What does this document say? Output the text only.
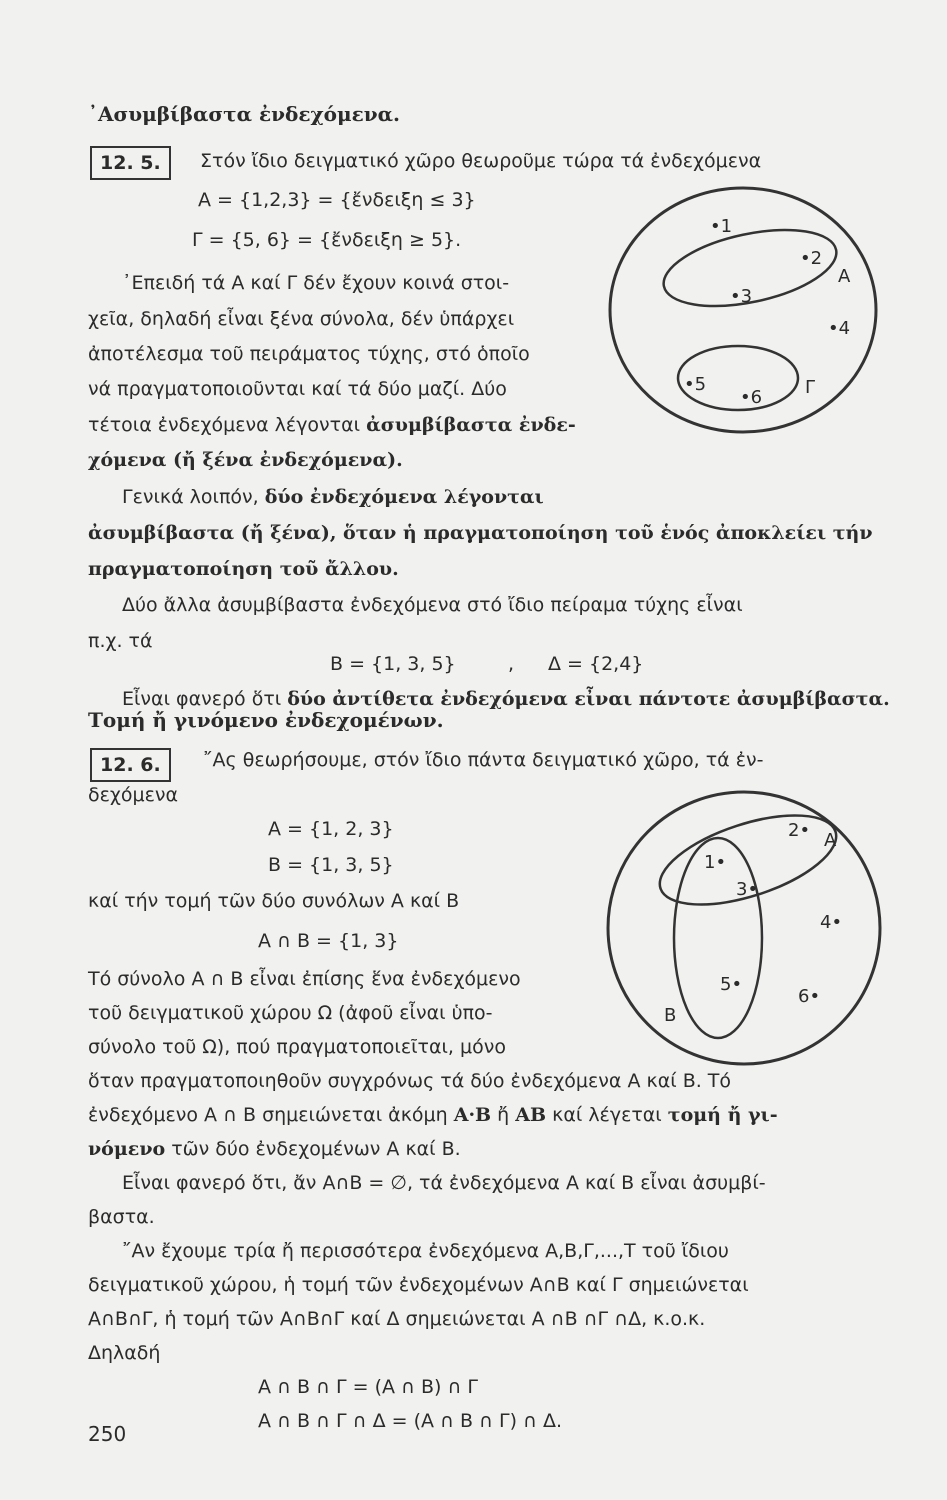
᾽Ασυμβίβαστα ἐνδεχόμενα.
12. 5.	Στόν ἴδιο δειγματικό χῶρο θεωροῦμε τώρα τά ἐνδεχόμενα
Α = {1,2,3} = {ἔνδειξη ≤ 3}
Γ = {5, 6} = {ἔνδειξη ≥ 5}.
᾽Επειδή τά Α καί Γ δέν ἔχουν κοινά στοι-
χεῖα, δηλαδή εἶναι ξένα σύνολα, δέν ὑπάρχει
ἀποτέλεσμα τοῦ πειράματος τύχης, στό ὁποῖο
νά πραγματοποιοῦνται καί τά δύο μαζί. Δύο
τέτοια ἐνδεχόμενα λέγονται ἀσυμβίβαστα ἐνδε-
χόμενα (ἤ ξένα ἐνδεχόμενα).
Γενικά λοιπόν, δύο ἐνδεχόμενα λέγονται
ἀσυμβίβαστα (ἤ ξένα), ὅταν ἡ πραγματοποίηση τοῦ ἑνός ἀποκλείει τήν
πραγματοποίηση τοῦ ἄλλου.
Δύο ἄλλα ἀσυμβίβαστα ἐνδεχόμενα στό ἴδιο πείραμα τύχης εἶναι
π.χ. τά
Β = {1, 3, 5}	, Δ = {2,4}
Εἶναι φανερό ὅτι δύο ἀντίθετα ἐνδεχόμενα εἶναι πάντοτε ἀσυμβίβαστα.
•1
•2
•3
•4
•5
•6
Α
Γ
Τομή ἤ γινόμενο ἐνδεχομένων.
12. 6.	῎Ας θεωρήσουμε, στόν ἴδιο πάντα δειγματικό χῶρο, τά ἐν-
δεχόμενα
Α = {1, 2, 3}
Β = {1, 3, 5}
καί τήν τομή τῶν δύο συνόλων Α καί Β
Α ∩ Β = {1, 3}
Τό σύνολο Α ∩ Β εἶναι ἐπίσης ἕνα ἐνδεχόμενο
τοῦ δειγματικοῦ χώρου Ω (ἀφοῦ εἶναι ὑπο-
σύνολο τοῦ Ω), πού πραγματοποιεῖται, μόνο
ὅταν πραγματοποιηθοῦν συγχρόνως τά δύο ἐνδεχόμενα Α καί Β. Τό
ἐνδεχόμενο Α ∩ Β σημειώνεται ἀκόμη Α·Β ἤ ΑΒ καί λέγεται τομή ἤ γι-
νόμενο τῶν δύο ἐνδεχομένων Α καί Β.
Εἶναι φανερό ὅτι, ἄν Α∩Β = ∅, τά ἐνδεχόμενα Α καί Β εἶναι ἀσυμβί-
βαστα.
῎Αν ἔχουμε τρία ἤ περισσότερα ἐνδεχόμενα Α,Β,Γ,...,Τ τοῦ ἴδιου
δειγματικοῦ χώρου, ἡ τομή τῶν ἐνδεχομένων Α∩Β καί Γ σημειώνεται
Α∩Β∩Γ, ἡ τομή τῶν Α∩Β∩Γ καί Δ σημειώνεται Α ∩Β ∩Γ ∩Δ, κ.ο.κ.
Δηλαδή
Α ∩ Β ∩ Γ = (Α ∩ Β) ∩ Γ
Α ∩ Β ∩ Γ ∩ Δ = (Α ∩ Β ∩ Γ) ∩ Δ.
1•
2•
3•
4•
5•
6•
Α
Β
250
